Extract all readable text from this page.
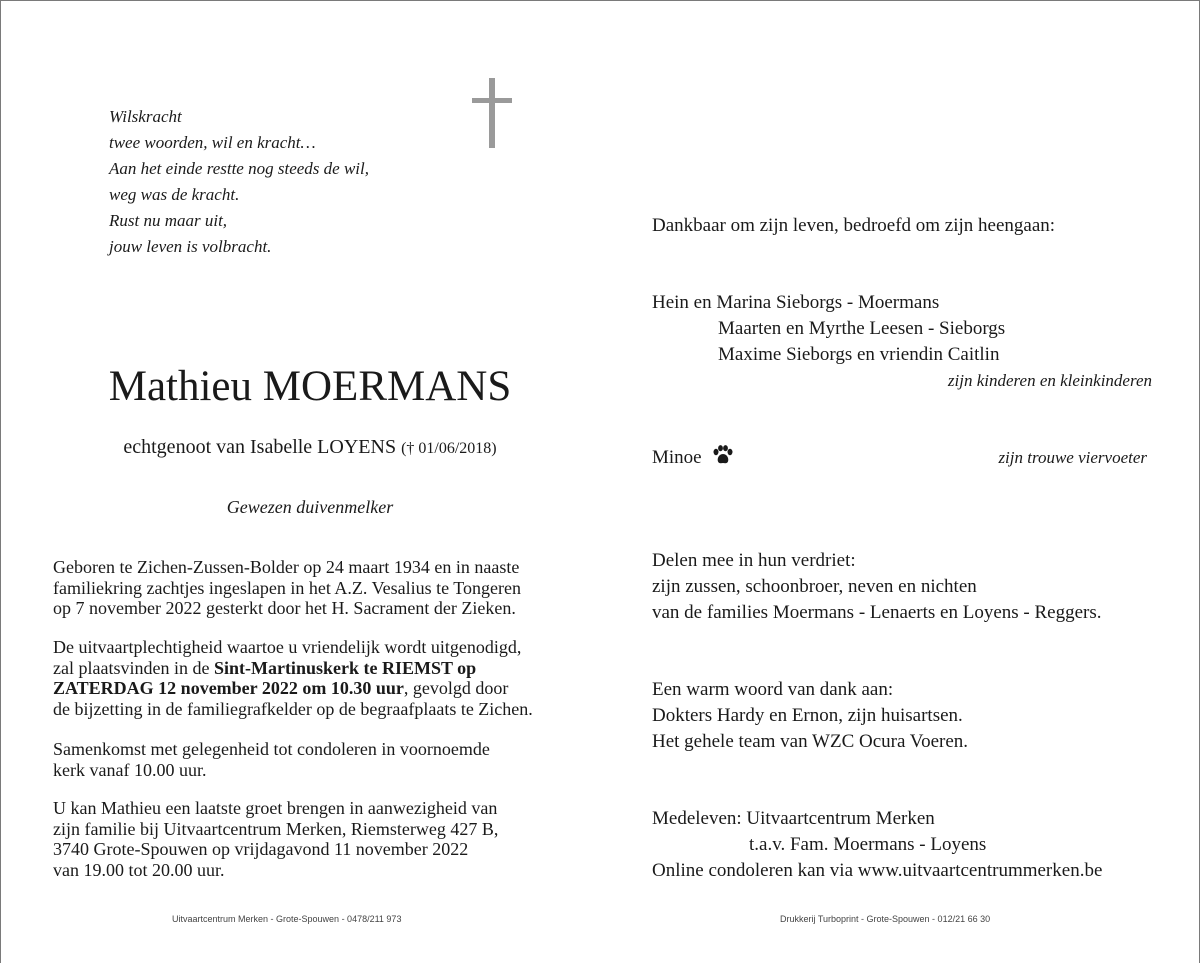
Wilskracht
twee woorden, wil en kracht…
Aan het einde restte nog steeds de wil,
weg was de kracht.
Rust nu maar uit,
jouw leven is volbracht.
Mathieu MOERMANS
echtgenoot van Isabelle LOYENS († 01/06/2018)
Gewezen duivenmelker
Geboren te Zichen-Zussen-Bolder op 24 maart 1934 en in naaste
familiekring zachtjes ingeslapen in het A.Z. Vesalius te Tongeren
op 7 november 2022 gesterkt door het H. Sacrament der Zieken.
De uitvaartplechtigheid waartoe u vriendelijk wordt uitgenodigd,
zal plaatsvinden in de Sint-Martinuskerk te RIEMST op
ZATERDAG 12 november 2022 om 10.30 uur, gevolgd door
de bijzetting in de familiegrafkelder op de begraafplaats te Zichen.
Samenkomst met gelegenheid tot condoleren in voornoemde
kerk vanaf 10.00 uur.
U kan Mathieu een laatste groet brengen in aanwezigheid van
zijn familie bij Uitvaartcentrum Merken, Riemsterweg 427 B,
3740 Grote-Spouwen op vrijdagavond 11 november 2022
van 19.00 tot 20.00 uur.
Uitvaartcentrum Merken - Grote-Spouwen - 0478/211 973
Dankbaar om zijn leven, bedroefd om zijn heengaan:
Hein en Marina Sieborgs - Moermans
Maarten en Myrthe Leesen - Sieborgs
Maxime Sieborgs en vriendin Caitlin
zijn kinderen en kleinkinderen
Minoe	zijn trouwe viervoeter
Delen mee in hun verdriet:
zijn zussen, schoonbroer, neven en nichten
van de families Moermans - Lenaerts en Loyens - Reggers.
Een warm woord van dank aan:
Dokters Hardy en Ernon, zijn huisartsen.
Het gehele team van WZC Ocura Voeren.
Medeleven: Uitvaartcentrum Merken
t.a.v. Fam. Moermans - Loyens
Online condoleren kan via www.uitvaartcentrummerken.be
Drukkerij Turboprint - Grote-Spouwen - 012/21 66 30
